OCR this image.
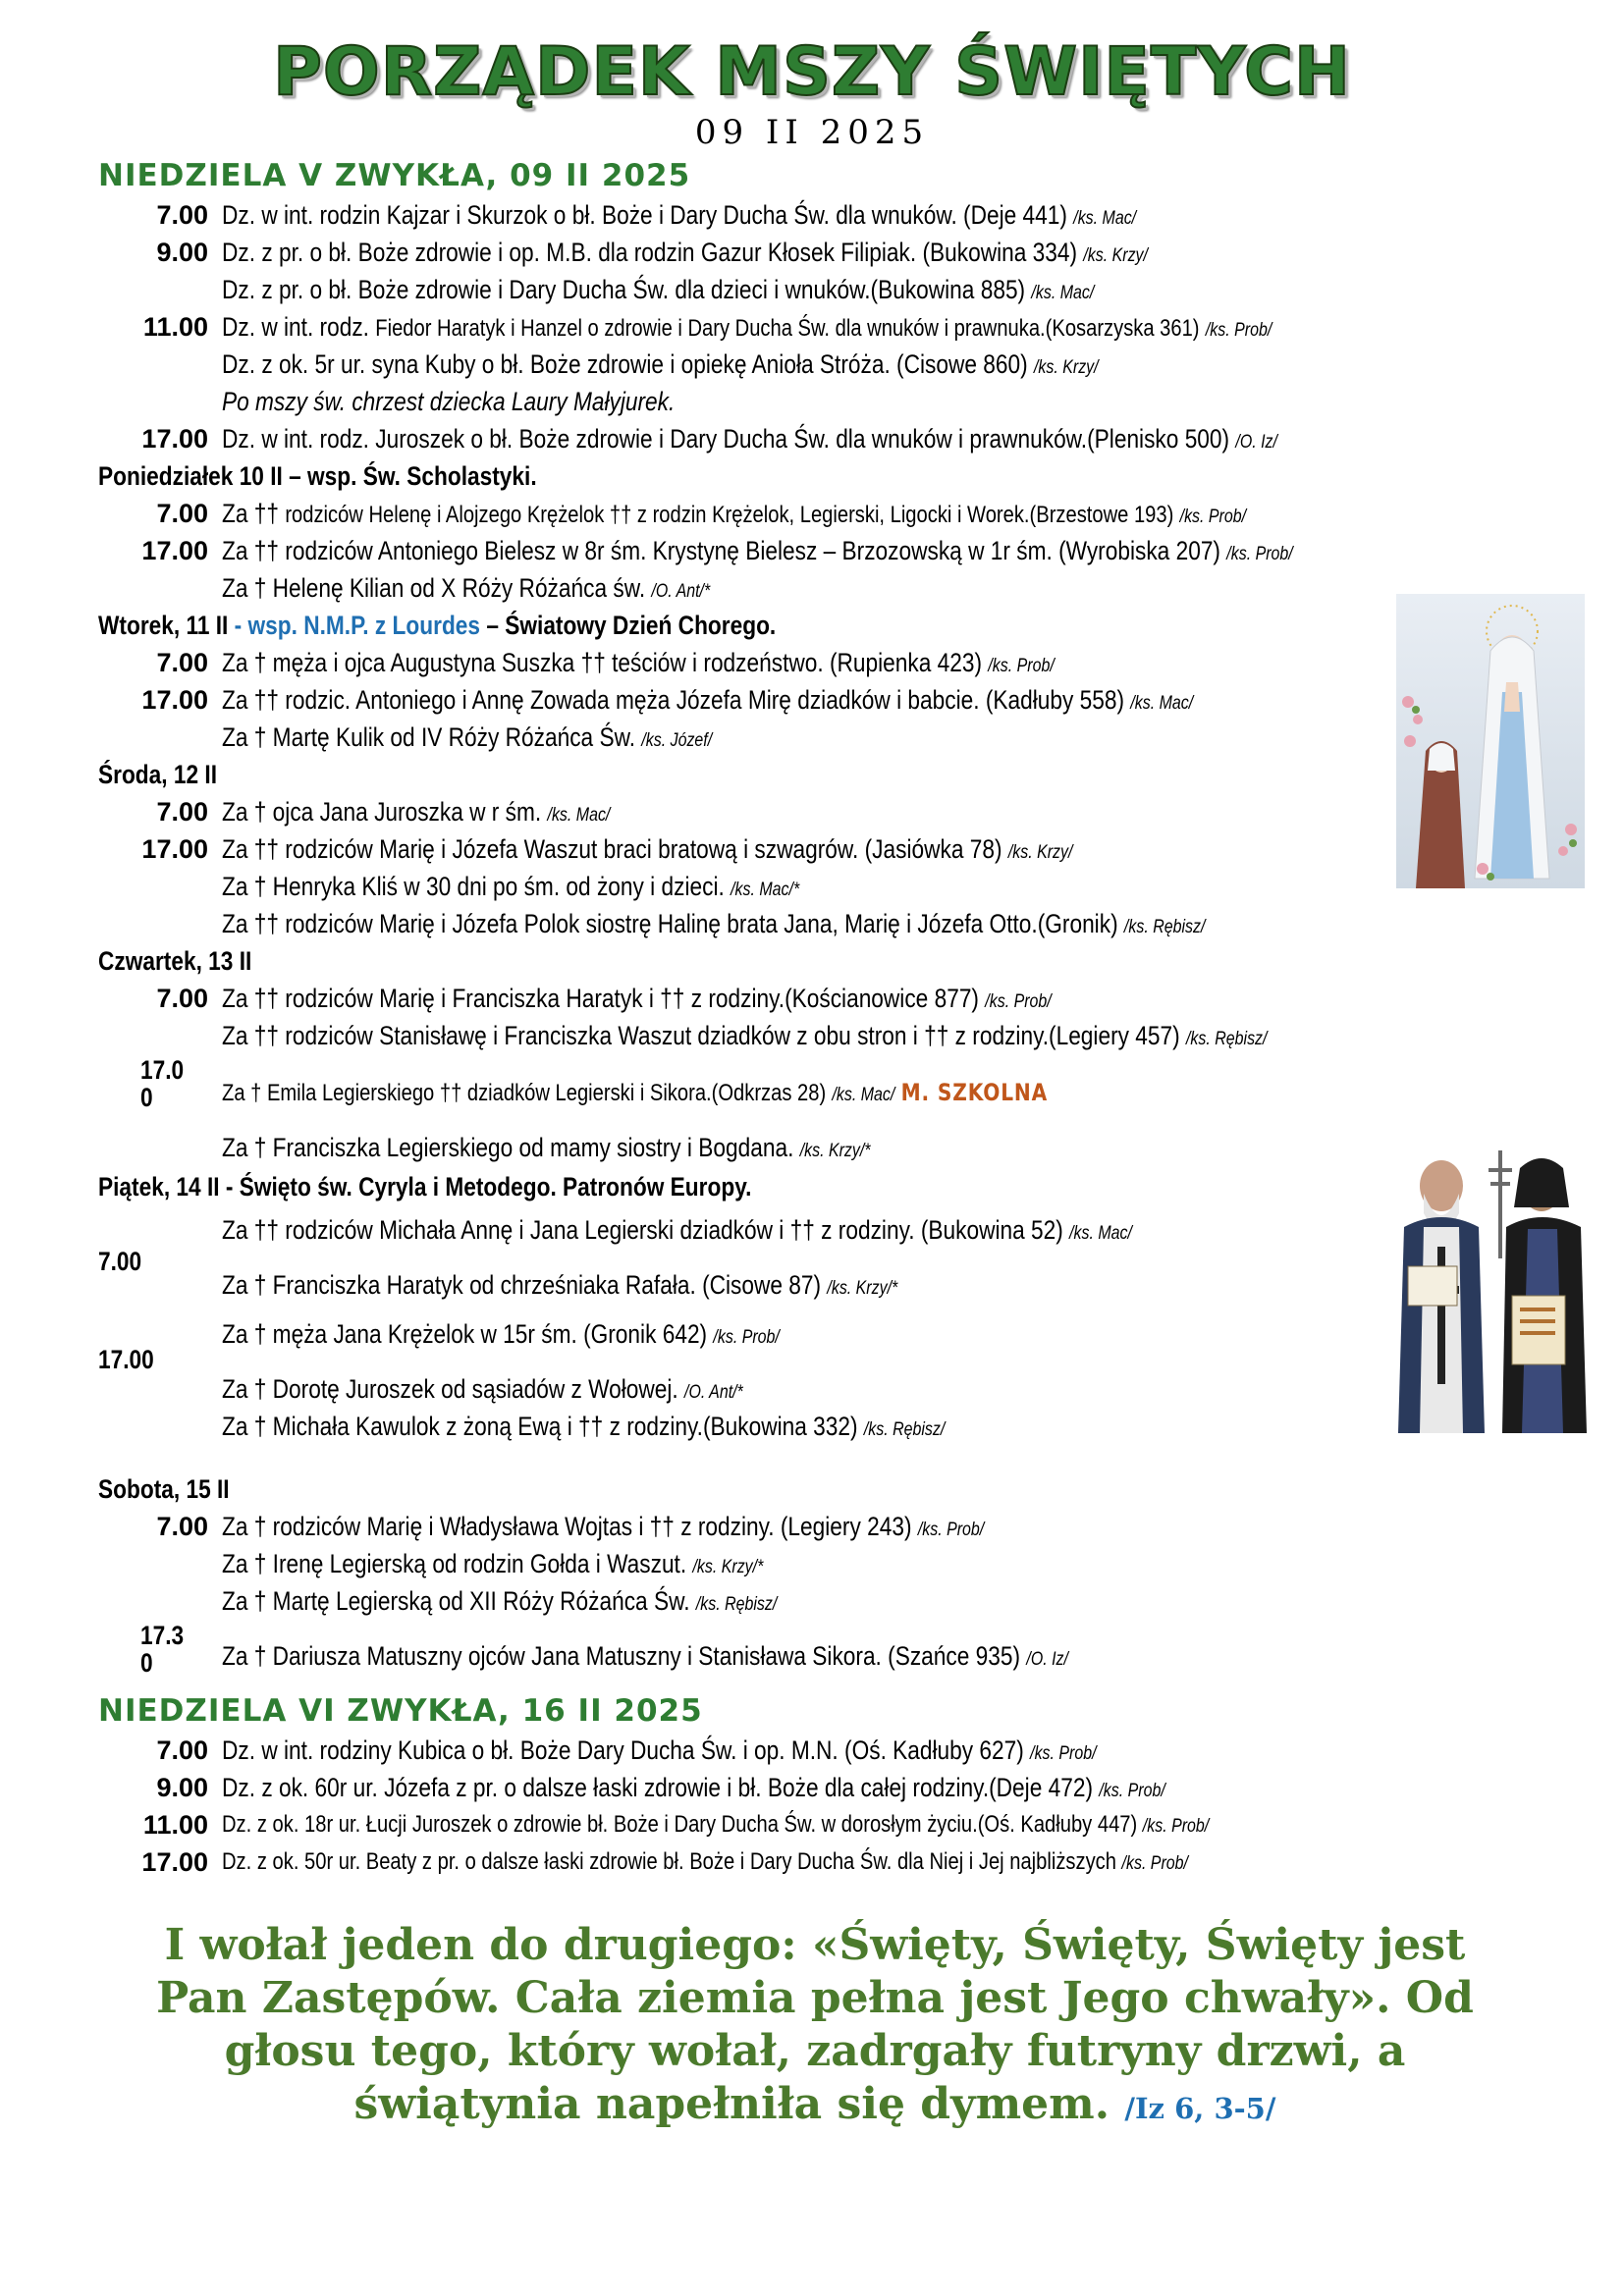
PORZĄDEK MSZY ŚWIĘTYCH
09 II 2025
NIEDZIELA V ZWYKŁA, 09 II 2025
7.00 Dz. w int. rodzin Kajzar i Skurzok o bł. Boże i Dary Ducha Św. dla wnuków. (Deje 441) /ks. Mac/
9.00 Dz. z pr. o bł. Boże zdrowie i op. M.B. dla rodzin Gazur Kłosek Filipiak. (Bukowina 334) /ks. Krzy/
Dz. z pr. o bł. Boże zdrowie i Dary Ducha Św. dla dzieci i wnuków.(Bukowina 885) /ks. Mac/
11.00 Dz. w int. rodz. Fiedor Haratyk i Hanzel o zdrowie i Dary Ducha Św. dla wnuków i prawnuka.(Kosarzyska 361) /ks. Prob/
Dz. z ok. 5r ur. syna Kuby o bł. Boże zdrowie i opiekę Anioła Stróża. (Cisowe 860) /ks. Krzy/
Po mszy św. chrzest dziecka Laury Małyjurek.
17.00 Dz. w int. rodz. Juroszek o bł. Boże zdrowie i Dary Ducha Św. dla wnuków i prawnuków.(Plenisko 500) /O. Iz/
Poniedziałek 10 II – wsp. Św. Scholastyki.
7.00 Za †† rodziców Helenę i Alojzego Krężelok †† z rodzin Krężelok, Legierski, Ligocki i Worek.(Brzestowe 193) /ks. Prob/
17.00 Za †† rodziców Antoniego Bielesz w 8r śm. Krystynę Bielesz – Brzozowską w 1r śm. (Wyrobiska 207) /ks. Prob/
Za † Helenę Kilian od X Róży Różańca św. /O. Ant/*
Wtorek, 11 II - wsp. N.M.P. z Lourdes – Światowy Dzień Chorego.
7.00 Za † męża i ojca Augustyna Suszka †† teściów i rodzeństwo. (Rupienka 423) /ks. Prob/
17.00 Za †† rodzic. Antoniego i Annę Zowada męża Józefa Mirę dziadków i babcie. (Kadłuby 558) /ks. Mac/
Za † Martę Kulik od IV Róży Różańca Św. /ks. Józef/
Środa, 12 II
7.00 Za † ojca Jana Juroszka w r śm. /ks. Mac/
17.00 Za †† rodziców Marię i Józefa Waszut braci bratową i szwagrów. (Jasiówka 78) /ks. Krzy/
Za † Henryka Kliś w 30 dni po śm. od żony i dzieci. /ks. Mac/*
Za †† rodziców Marię i Józefa Polok siostrę Halinę brata Jana, Marię i Józefa Otto.(Gronik) /ks. Rębisz/
Czwartek, 13 II
7.00 Za †† rodziców Marię i Franciszka Haratyk i †† z rodziny.(Kościanowice 877) /ks. Prob/
Za †† rodziców Stanisławę i Franciszka Waszut dziadków z obu stron i †† z rodziny.(Legiery 457) /ks. Rębisz/
17.00	Za † Emila Legierskiego †† dziadków Legierski i Sikora.(Odkrzas 28) /ks. Mac/ M. SZKOLNA
Za † Franciszka Legierskiego od mamy siostry i Bogdana. /ks. Krzy/*
Piątek, 14 II - Święto św. Cyryla i Metodego. Patronów Europy.
7.00
Za †† rodziców Michała Annę i Jana Legierski dziadków i †† z rodziny. (Bukowina 52) /ks. Mac/
Za † Franciszka Haratyk od chrześniaka Rafała. (Cisowe 87) /ks. Krzy/*
17.00
Za † męża Jana Krężelok w 15r śm. (Gronik 642) /ks. Prob/
Za † Dorotę Juroszek od sąsiadów z Wołowej. /O. Ant/*
Za † Michała Kawulok z żoną Ewą i †† z rodziny.(Bukowina 332) /ks. Rębisz/
Sobota, 15 II
7.00 Za † rodziców Marię i Władysława Wojtas i †† z rodziny. (Legiery 243) /ks. Prob/
Za † Irenę Legierską od rodzin Gołda i Waszut. /ks. Krzy/*
Za † Martę Legierską od XII Róży Różańca Św. /ks. Rębisz/
17.30	Za † Dariusza Matuszny ojców Jana Matuszny i Stanisława Sikora. (Szańce 935) /O. Iz/
NIEDZIELA VI ZWYKŁA, 16 II 2025
7.00 Dz. w int. rodziny Kubica o bł. Boże Dary Ducha Św. i op. M.N. (Oś. Kadłuby 627) /ks. Prob/
9.00 Dz. z ok. 60r ur. Józefa z pr. o dalsze łaski zdrowie i bł. Boże dla całej rodziny.(Deje 472) /ks. Prob/
11.00 Dz. z ok. 18r ur. Łucji Juroszek o zdrowie bł. Boże i Dary Ducha Św. w dorosłym życiu.(Oś. Kadłuby 447) /ks. Prob/
17.00 Dz. z ok. 50r ur. Beaty z pr. o dalsze łaski zdrowie bł. Boże i Dary Ducha Św. dla Niej i Jej najbliższych /ks. Prob/
I wołał jeden do drugiego: «Święty, Święty, Święty jest Pan Zastępów. Cała ziemia pełna jest Jego chwały». Od głosu tego, który wołał, zadrgały futryny drzwi, a świątynia napełniła się dymem. /Iz 6, 3-5/
